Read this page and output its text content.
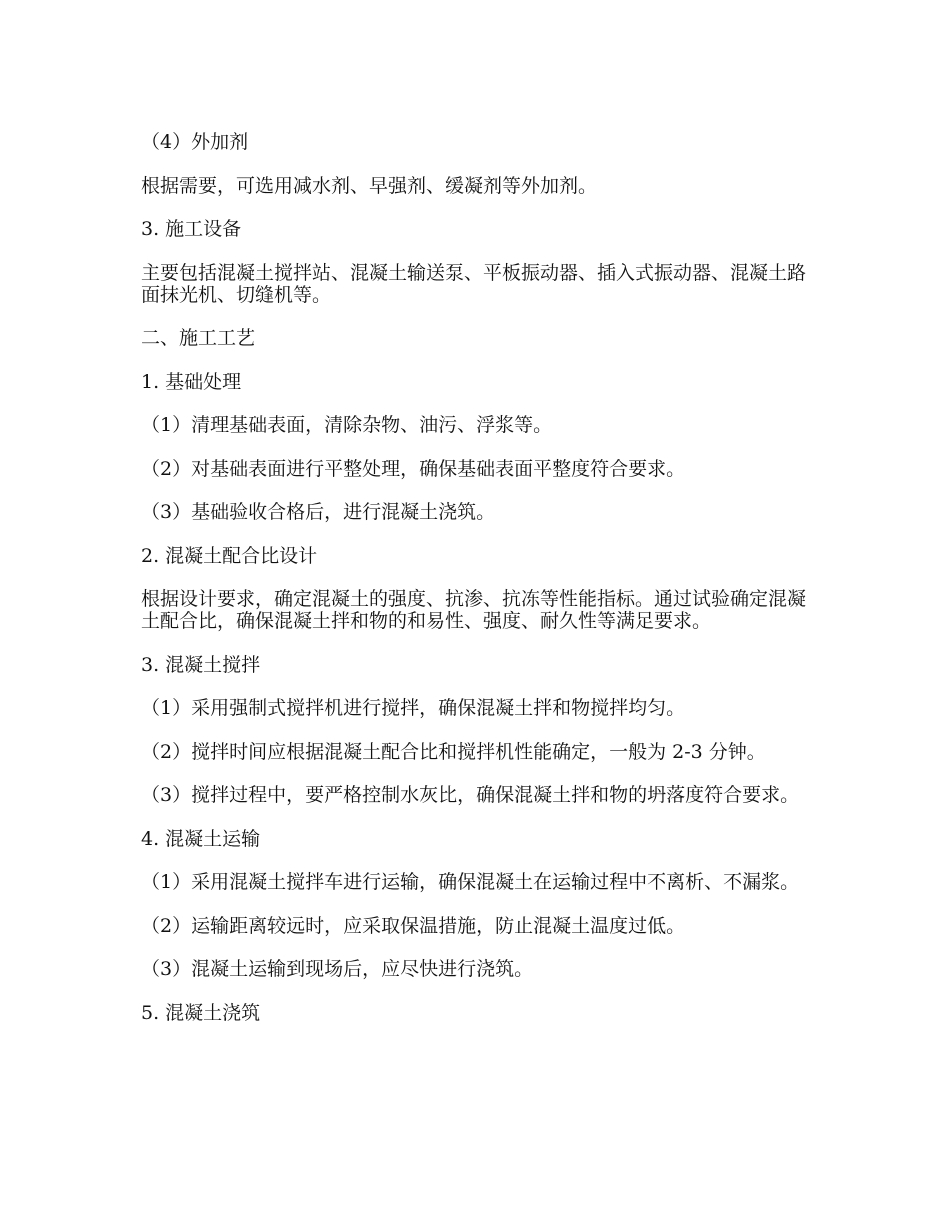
（4）外加剂

根据需要，可选用减水剂、早强剂、缓凝剂等外加剂。

3. 施工设备

主要包括混凝土搅拌站、混凝土输送泵、平板振动器、插入式振动器、混凝土路面抹光机、切缝机等。

二、施工工艺

1. 基础处理

（1）清理基础表面，清除杂物、油污、浮浆等。

（2）对基础表面进行平整处理，确保基础表面平整度符合要求。

（3）基础验收合格后，进行混凝土浇筑。

2. 混凝土配合比设计

根据设计要求，确定混凝土的强度、抗渗、抗冻等性能指标。通过试验确定混凝土配合比，确保混凝土拌和物的和易性、强度、耐久性等满足要求。

3. 混凝土搅拌

（1）采用强制式搅拌机进行搅拌，确保混凝土拌和物搅拌均匀。

（2）搅拌时间应根据混凝土配合比和搅拌机性能确定，一般为 2-3 分钟。

（3）搅拌过程中，要严格控制水灰比，确保混凝土拌和物的坍落度符合要求。

4. 混凝土运输

（1）采用混凝土搅拌车进行运输，确保混凝土在运输过程中不离析、不漏浆。

（2）运输距离较远时，应采取保温措施，防止混凝土温度过低。

（3）混凝土运输到现场后，应尽快进行浇筑。

5. 混凝土浇筑
